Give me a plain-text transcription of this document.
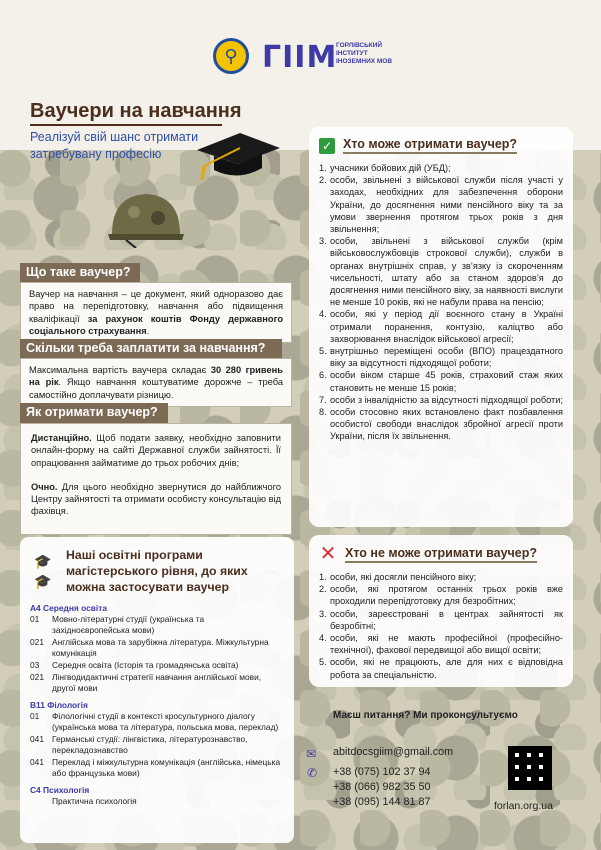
⚲ ГІІМ
ГОРЛІВСЬКИЙ ІНСТИТУТ ІНОЗЕМНИХ МОВ
Ваучери на навчання
Реалізуй свій шанс отримати затребувану професію
Що таке ваучер?
Ваучер на навчання – це документ, який одноразово дає право на перепідготовку, навчання або підвищення кваліфікації за рахунок коштів Фонду державного соціального страхування.
Скільки треба заплатити за навчання?
Максимальна вартість ваучера складає 30 280 гривень на рік. Якщо навчання коштуватиме дорожче – треба самостійно доплачувати різницю.
Як отримати ваучер?

Дистанційно. Щоб подати заявку, необхідно заповнити онлайн-форму на сайті Державної служби зайнятості. Її опрацювання займатиме до трьох робочих днів;

Очно. Для цього необхідно звернутися до найближчого Центру зайнятості та отримати особисту консультацію від фахівця.

✓ Хто може отримати ваучер?
1. учасники бойових дій (УБД);
2. особи, звільнені з військової служби після участі у заходах, необхідних для забезпечення оборони України, до досягнення ними пенсійного віку та за умови звернення протягом трьох років з дня звільнення;
3. особи, звільнені з військової служби (крім військовослужбовців строкової служби), служби в органах внутрішніх справ, у зв’язку із скороченням чисельності, штату або за станом здоров’я до досягнення ними пенсійного віку, за наявності вислуги не менше 10 років, які не набули права на пенсію;
4. особи, які у період дії воєнного стану в Україні отримали поранення, контузію, каліцтво або захворювання внаслідок військової агресії;
5. внутрішньо переміщені особи (ВПО) працездатного віку за відсутності підходящої роботи;
6. особи віком старше 45 років, страховий стаж яких становить не менше 15 років;
7. особи з інвалідністю за відсутності підходящої роботи;
8. особи стосовно яких встановлено факт позбавлення особистої свободи внаслідок збройної агресії проти України, після їх звільнення.
✕ Хто не може отримати ваучер?
1. особи, які досягли пенсійного віку;
2. особи, які протягом останніх трьох років вже проходили перепідготовку для безробітних;
3. особи, зареєстровані в центрах зайнятості як безробітні;
4. особи, які не мають професійної (професійно-технічної), фахової передвищої або вищої освіти;
5. особи, які не працюють, але для них є відповідна робота за спеціальністю.
🎓
🎓
Наші освітні програми магістерського рівня, до яких можна застосувати ваучер
А4 Середня освіта
01	Мовно-літературні студії (українська та західноєвропейська мови)
021 Англійська мова та зарубіжна література. Міжкультурна комунікація
03	Середня освіта (Історія та громадянська освіта)
021 Лінгводидактичні стратегії навчання англійської мови, другої мови
В11 Філологія
01	Філологічні студії в контексті кросультурного діалогу (українська мова та література, польська мова, переклад)
041 Германські студії: лінгвістика, літературознавство, перекладознавство
041 Переклад і міжкультурна комунікація (англійська, німецька або французька мови)
С4 Психологія
Практична психологія
Маєш питання? Ми проконсультуємо
✉ abitdocsgiim@gmail.com
✆ +38 (075) 102 37 94
+38 (066) 982 35 50
+38 (095) 144 81 87	forlan.org.ua
